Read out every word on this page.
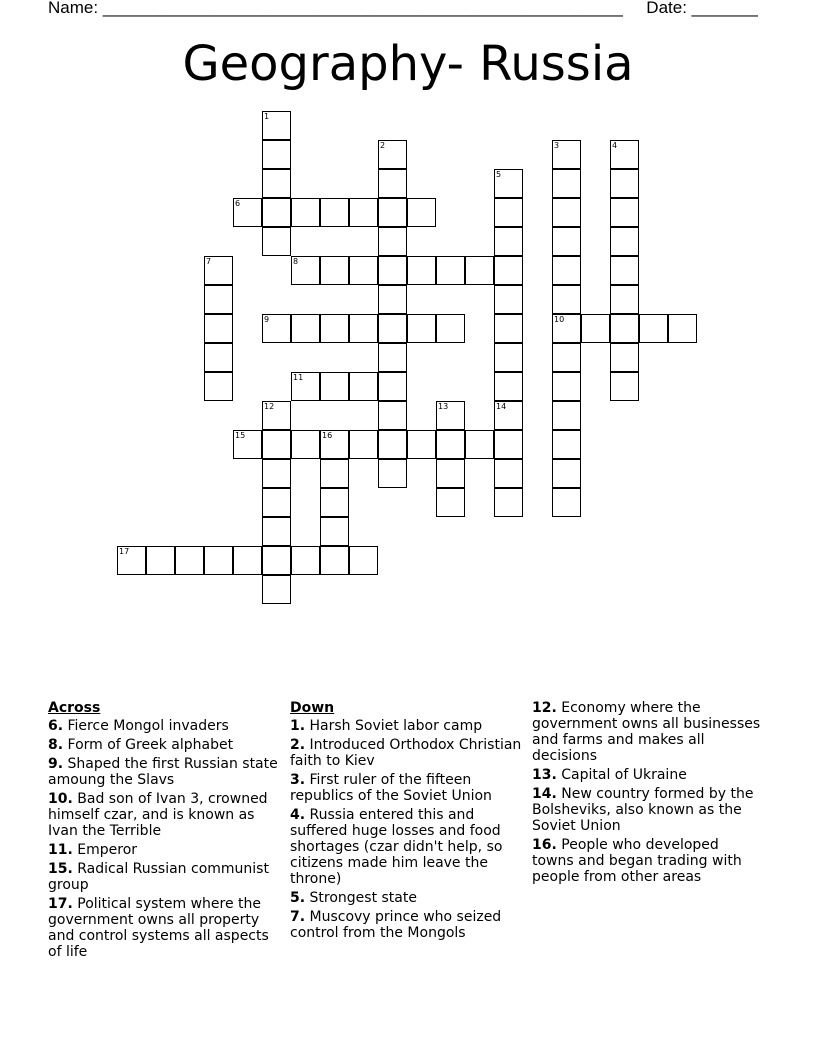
Name: _______________________________________________________ Date: _______
Geography- Russia
1
2	3
10
4
5
6
7	8
9
11
12	13	14
15	16
17
Across
6. Fierce Mongol invaders
8. Form of Greek alphabet
9. Shaped the first Russian state amoung the Slavs
10. Bad son of Ivan 3, crowned himself czar, and is known as Ivan the Terrible
11. Emperor
15. Radical Russian communist group
17. Political system where the government owns all property and control systems all aspects of life
Down
1. Harsh Soviet labor camp
2. Introduced Orthodox Christian faith to Kiev
3. First ruler of the fifteen republics of the Soviet Union
4. Russia entered this and suffered huge losses and food shortages (czar didn't help, so citizens made him leave the throne)
5. Strongest state
7. Muscovy prince who seized control from the Mongols
12. Economy where the government owns all businesses and farms and makes all decisions
13. Capital of Ukraine
14. New country formed by the Bolsheviks, also known as the Soviet Union
16. People who developed towns and began trading with people from other areas
